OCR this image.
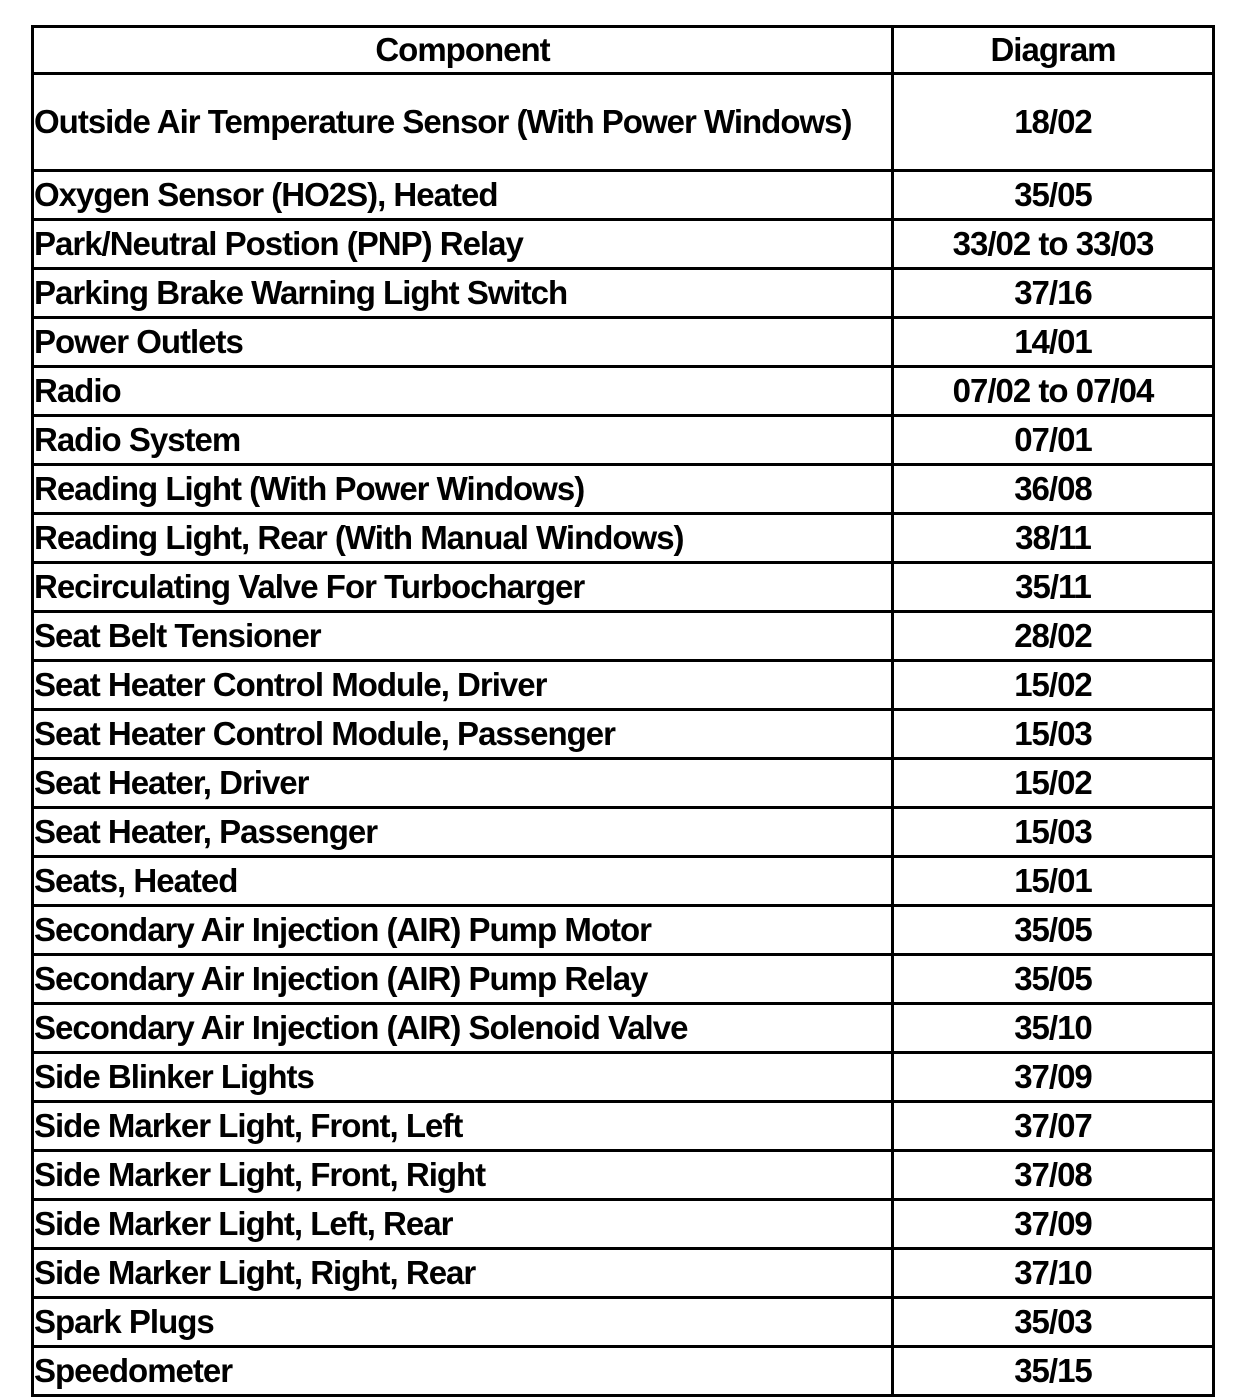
Component	Diagram
Outside Air Temperature Sensor (With Power Windows)	18/02
Oxygen Sensor (HO2S), Heated	35/05
Park/Neutral Postion (PNP) Relay	33/02 to 33/03
Parking Brake Warning Light Switch	37/16
Power Outlets	14/01
Radio	07/02 to 07/04
Radio System	07/01
Reading Light (With Power Windows)	36/08
Reading Light, Rear (With Manual Windows)	38/11
Recirculating Valve For Turbocharger	35/11
Seat Belt Tensioner	28/02
Seat Heater Control Module, Driver	15/02
Seat Heater Control Module, Passenger	15/03
Seat Heater, Driver	15/02
Seat Heater, Passenger	15/03
Seats, Heated	15/01
Secondary Air Injection (AIR) Pump Motor	35/05
Secondary Air Injection (AIR) Pump Relay	35/05
Secondary Air Injection (AIR) Solenoid Valve	35/10
Side Blinker Lights	37/09
Side Marker Light, Front, Left	37/07
Side Marker Light, Front, Right	37/08
Side Marker Light, Left, Rear	37/09
Side Marker Light, Right, Rear	37/10
Spark Plugs	35/03
Speedometer	35/15
